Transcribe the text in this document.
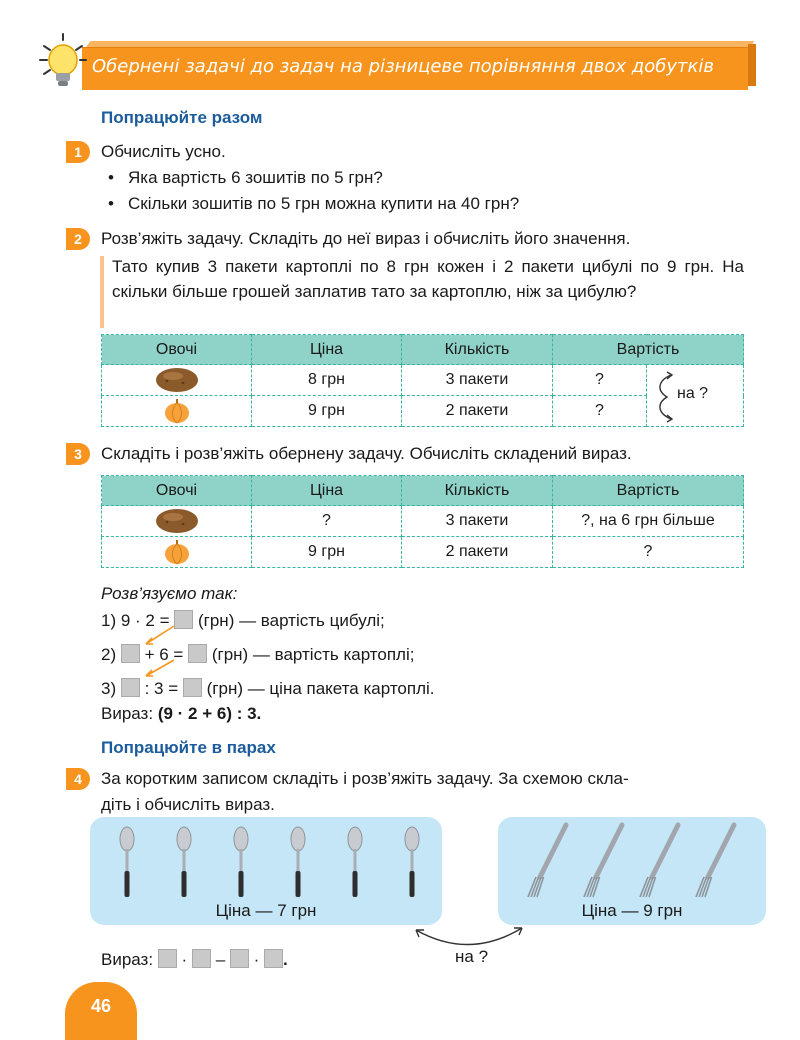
Обернені задачі до задач на різницеве порівняння двох добутків
Попрацюйте разом
1	Обчисліть усно.
• Яка вартість 6 зошитів по 5 грн?
• Скільки зошитів по 5 грн можна купити на 40 грн?
2	Розв’яжіть задачу. Складіть до неї вираз і обчисліть його значення.
Тато купив 3 пакети картоплі по 8 грн кожен і 2 пакети цибулі по 9 грн. На скільки більше грошей заплатив тато за картоплю, ніж за цибулю?
Овочі	Ціна	Кількість	Вартість	
	8 грн	3 пакети	?	на ?

	9 грн	2 пакети	?	
3	Складіть і розв’яжіть обернену задачу. Обчисліть складений вираз.
Овочі	Ціна	Кількість	Вартість
	?	3 пакети	?, на 6 грн більше
	9 грн	2 пакети	?
Розв’язуємо так:
1) 9 · 2 = (грн) — вартість цибулі;
2) + 6 = (грн) — вартість картоплі;
3) : 3 = (грн) — ціна пакета картоплі.
Вираз: (9 · 2 + 6) : 3.
Попрацюйте в парах
4	За коротким записом складіть і розв’яжіть задачу. За схемою скла-
діть і обчисліть вираз.
Ціна — 7 грн	Ціна — 9 грн
на ?
Вираз: · – · .
46
